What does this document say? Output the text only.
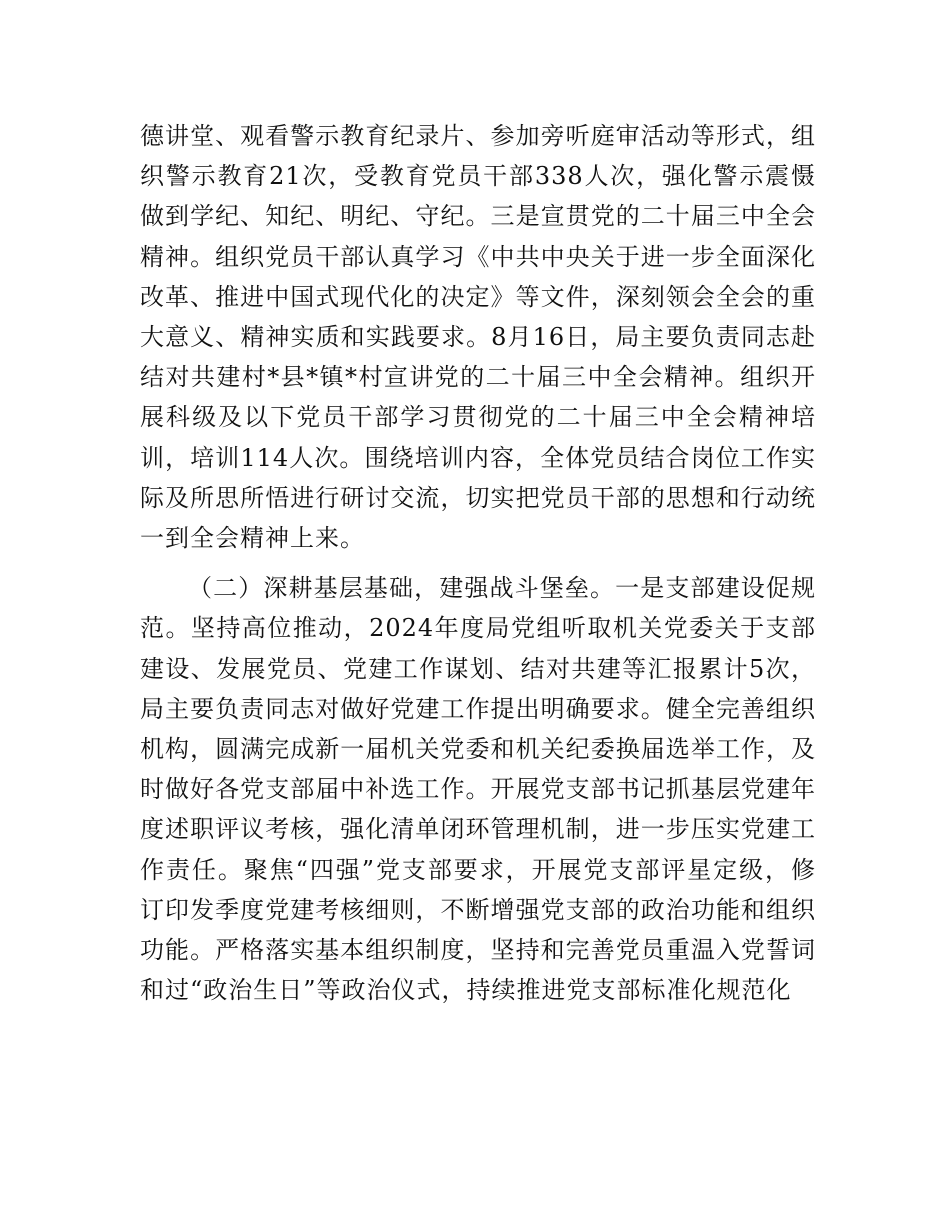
德讲堂、观看警示教育纪录片、参加旁听庭审活动等形式，组织警示教育21次，受教育党员干部338人次，强化警示震慑做到学纪、知纪、明纪、守纪。三是宣贯党的二十届三中全会精神。组织党员干部认真学习《中共中央关于进一步全面深化改革、推进中国式现代化的决定》等文件，深刻领会全会的重大意义、精神实质和实践要求。8月16日，局主要负责同志赴结对共建村*县*镇*村宣讲党的二十届三中全会精神。组织开展科级及以下党员干部学习贯彻党的二十届三中全会精神培训，培训114人次。围绕培训内容，全体党员结合岗位工作实际及所思所悟进行研讨交流，切实把党员干部的思想和行动统一到全会精神上来。

（二）深耕基层基础，建强战斗堡垒。一是支部建设促规范。坚持高位推动，2024年度局党组听取机关党委关于支部建设、发展党员、党建工作谋划、结对共建等汇报累计5次，局主要负责同志对做好党建工作提出明确要求。健全完善组织机构，圆满完成新一届机关党委和机关纪委换届选举工作，及时做好各党支部届中补选工作。开展党支部书记抓基层党建年度述职评议考核，强化清单闭环管理机制，进一步压实党建工作责任。聚焦“四强”党支部要求，开展党支部评星定级，修订印发季度党建考核细则，不断增强党支部的政治功能和组织功能。严格落实基本组织制度，坚持和完善党员重温入党誓词和过“政治生日”等政治仪式，持续推进党支部标准化规范化
